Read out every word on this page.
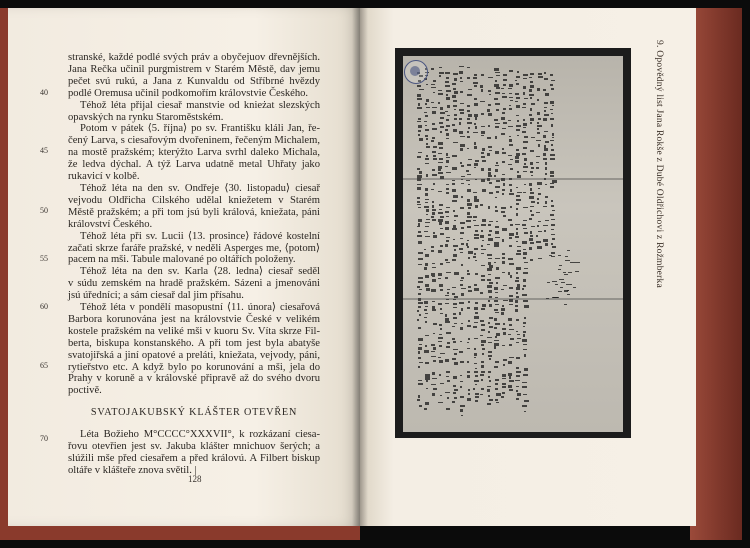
stranské, každé podlé svých práv a obyčejuov dřevnějších.
Jana Rečka učinil purgmistrem v Starém Městě, dav jemu
pečet svú rukú, a Jana z Kunvaldu od Stříbrné hvězdy
podlé Oremusa učinil podkomořím královstvie Českého.
Téhož léta přijal ciesař manstvie od knieżat slezských
opavských na rynku Staroměstském.
Potom v pátek ⟨5. října⟩ po sv. Františku kláli Jan, ře-
čený Larva, s ciesařovým dvořeninem, řečeným Michalem,
na mostě pražském; kterýžto Larva svrhl daleko Michala,
že ledva dýchal. A týž Larva udatně metal Uhřaty jako
rukavicí v kolbě.
Téhož léta na den sv. Ondřeje ⟨30. listopadu⟩ ciesař
vejvodu Oldřicha Cilského udělal kniežetem v Starém
Městě pražském; a při tom jsú byli králová, kniežata, páni
království Českého.
Téhož léta při sv. Lucii ⟨13. prosince⟩ řádové kostelní
začati skrze faráře pražské, v neděli Asperges me, ⟨potom⟩
pacem na mši. Tabule malované po oltářích položeny.
Téhož léta na den sv. Karla ⟨28. ledna⟩ ciesař seděl
v súdu zemském na hradě pražském. Sázeni a jmenováni
jsú úředníci; a sám ciesař dal jim přísahu.
Téhož léta v pondělí masopustní ⟨11. února⟩ ciesařová
Barbora korunována jest na královstvie České v velikém
kostele pražském na veliké mši v kuoru Sv. Víta skrze Fil-
berta, biskupa konstanského. A při tom jest byla abatyše
svatojiřská a jiní opatové a preláti, kniežata, vejvody, páni,
rytieřstvo etc. A když bylo po korunování a mši, jela do
Prahy v koruně a v královské připravě až do svého dvoru
poctivě.
SVATOJAKUBSKÝ KLÁŠTER OTEVŘEN
Léta Božieho M°CCCC°XXXVII°, k rozkázaní ciesa-
řovu otevřien jest sv. Jakuba klášter mnichuov šerých; a
slúžili mše před ciesařem a před královú. A Filbert biskup
oltáře v klášteře znova světil. |
40
45
50
55
60
65
70
128
9. Opovědný list Jana Rokše z Dubé Oldřichovi z Rožmberka
